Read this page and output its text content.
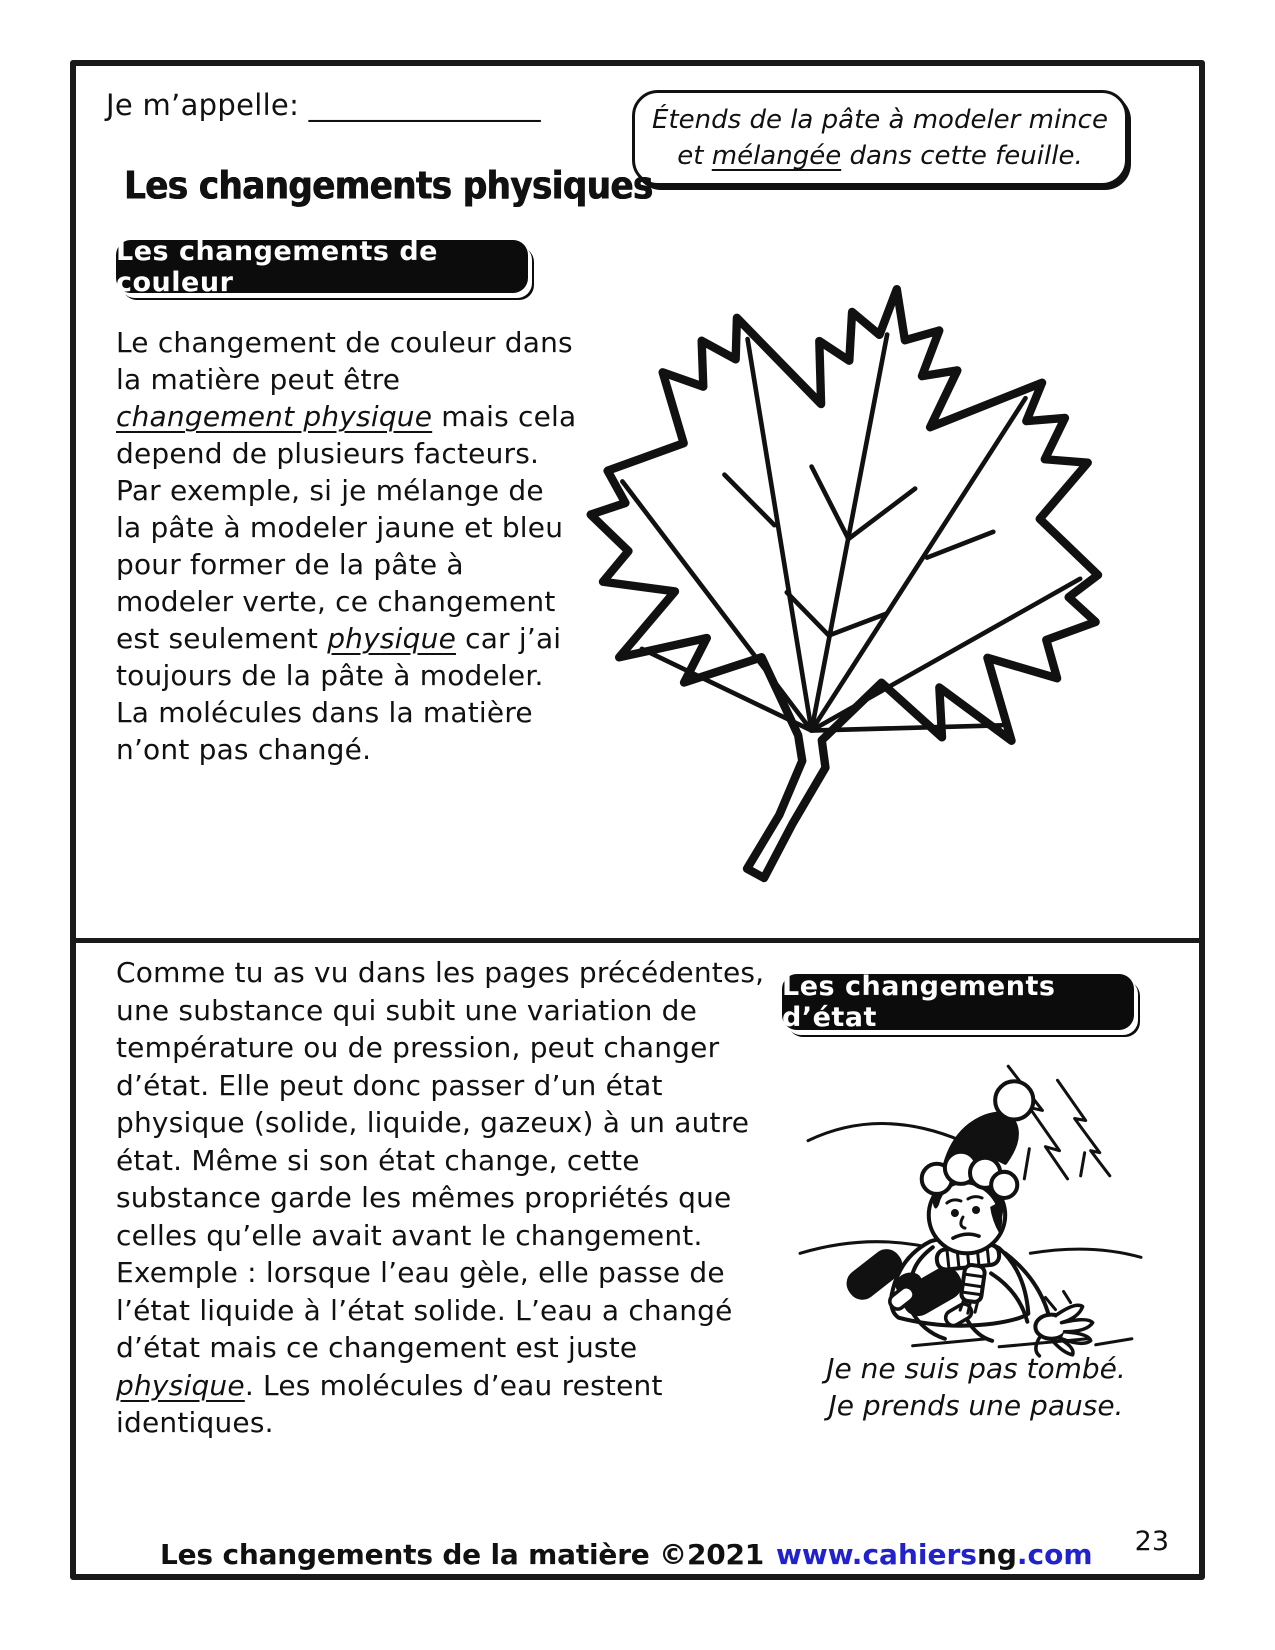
Je m’appelle: ________________	Étends de la pâte à modeler mince et mélangée dans cette feuille.
Les changements physiques
Les changements de couleur

Le changement de couleur dans la matière peut être changement physique mais cela depend de plusieurs facteurs. Par exemple, si je mélange de la pâte à modeler jaune et bleu pour former de la pâte à modeler verte, ce changement est seulement physique car j’ai toujours de la pâte à modeler. La molécules dans la matière n’ont pas changé.

Comme tu as vu dans les pages précédentes, une substance qui subit une variation de température ou de pression, peut changer d’état. Elle peut donc passer d’un état physique (solide, liquide, gazeux) à un autre état. Même si son état change, cette substance garde les mêmes propriétés que celles qu’elle avait avant le changement. Exemple : lorsque l’eau gèle, elle passe de l’état liquide à l’état solide. L’eau a changé d’état mais ce changement est juste physique. Les molécules d’eau restent identiques.

Les changements d’état
Je ne suis pas tombé.
Je prends une pause.
Les changements de la matière ©2021 www.cahiersng.com 23
